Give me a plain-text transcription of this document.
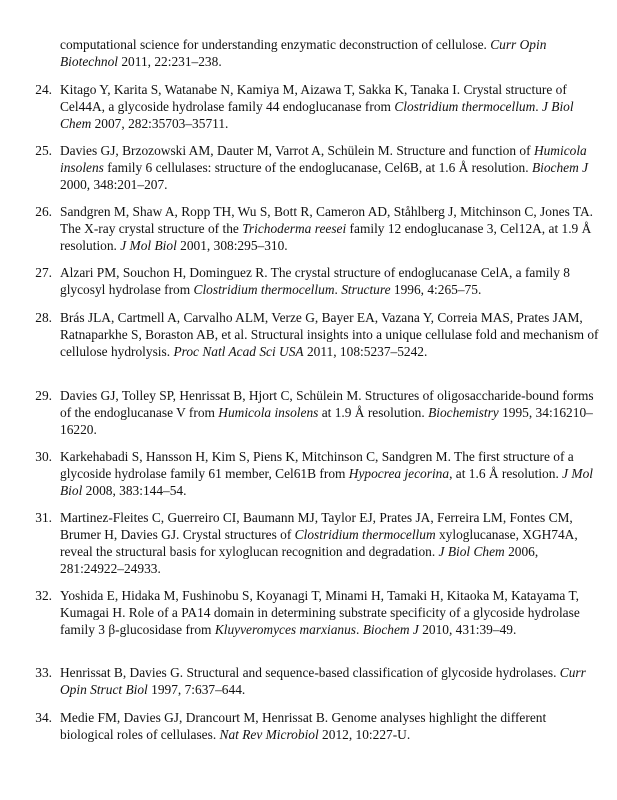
computational science for understanding enzymatic deconstruction of cellulose. Curr Opin Biotechnol 2011, 22:231–238.
24. Kitago Y, Karita S, Watanabe N, Kamiya M, Aizawa T, Sakka K, Tanaka I. Crystal structure of Cel44A, a glycoside hydrolase family 44 endoglucanase from Clostridium thermocellum. J Biol Chem 2007, 282:35703–35711.
25. Davies GJ, Brzozowski AM, Dauter M, Varrot A, Schülein M. Structure and function of Humicola insolens family 6 cellulases: structure of the endoglucanase, Cel6B, at 1.6 Å resolution. Biochem J 2000, 348:201–207.
26. Sandgren M, Shaw A, Ropp TH, Wu S, Bott R, Cameron AD, Ståhlberg J, Mitchinson C, Jones TA. The X-ray crystal structure of the Trichoderma reesei family 12 endoglucanase 3, Cel12A, at 1.9 Å resolution. J Mol Biol 2001, 308:295–310.
27. Alzari PM, Souchon H, Dominguez R. The crystal structure of endoglucanase CelA, a family 8 glycosyl hydrolase from Clostridium thermocellum. Structure 1996, 4:265–75.
28. Brás JLA, Cartmell A, Carvalho ALM, Verze G, Bayer EA, Vazana Y, Correia MAS, Prates JAM, Ratnaparkhe S, Boraston AB, et al. Structural insights into a unique cellulase fold and mechanism of cellulose hydrolysis. Proc Natl Acad Sci USA 2011, 108:5237–5242.
29. Davies GJ, Tolley SP, Henrissat B, Hjort C, Schülein M. Structures of oligosaccharide-bound forms of the endoglucanase V from Humicola insolens at 1.9 Å resolution. Biochemistry 1995, 34:16210–16220.
30. Karkehabadi S, Hansson H, Kim S, Piens K, Mitchinson C, Sandgren M. The first structure of a glycoside hydrolase family 61 member, Cel61B from Hypocrea jecorina, at 1.6 Å resolution. J Mol Biol 2008, 383:144–54.
31. Martinez-Fleites C, Guerreiro CI, Baumann MJ, Taylor EJ, Prates JA, Ferreira LM, Fontes CM, Brumer H, Davies GJ. Crystal structures of Clostridium thermocellum xyloglucanase, XGH74A, reveal the structural basis for xyloglucan recognition and degradation. J Biol Chem 2006, 281:24922–24933.
32. Yoshida E, Hidaka M, Fushinobu S, Koyanagi T, Minami H, Tamaki H, Kitaoka M, Katayama T, Kumagai H. Role of a PA14 domain in determining substrate specificity of a glycoside hydrolase family 3 β-glucosidase from Kluyveromyces marxianus. Biochem J 2010, 431:39–49.
33. Henrissat B, Davies G. Structural and sequence-based classification of glycoside hydrolases. Curr Opin Struct Biol 1997, 7:637–644.
34. Medie FM, Davies GJ, Drancourt M, Henrissat B. Genome analyses highlight the different biological roles of cellulases. Nat Rev Microbiol 2012, 10:227-U.
